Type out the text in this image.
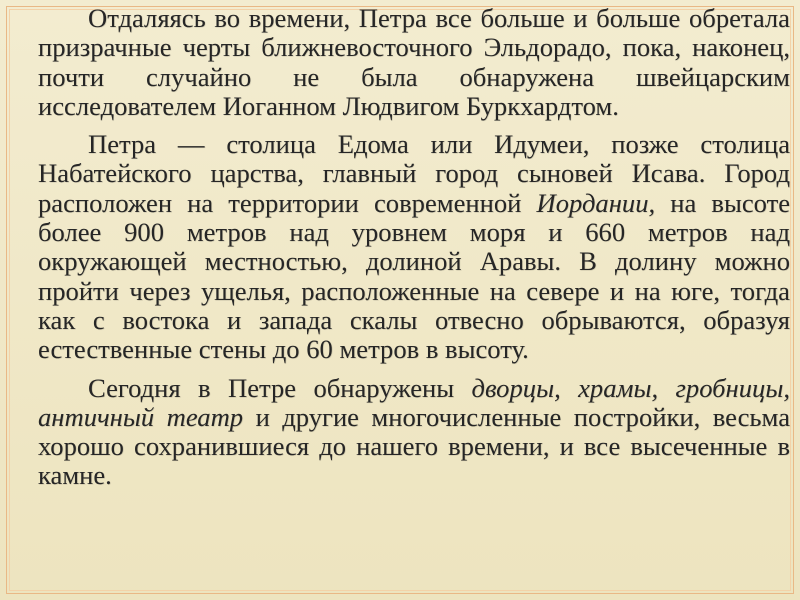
Отдаляясь во времени, Петра все больше и больше обретала призрачные черты ближневосточного Эльдорадо, пока, наконец, почти случайно не была обнаружена швейцарским исследователем Иоганном Людвигом Буркхардтом.

Петра — столица Едома или Идумеи, позже столица Набатейского царства, главный город сыновей Исава. Город расположен на территории современной Иордании, на высоте более 900 метров над уровнем моря и 660 метров над окружающей местностью, долиной Аравы. В долину можно пройти через ущелья, расположенные на севере и на юге, тогда как с востока и запада скалы отвесно обрываются, образуя естественные стены до 60 метров в высоту.

Сегодня в Петре обнаружены дворцы, храмы, гробницы, античный театр и другие многочисленные постройки, весьма хорошо сохранившиеся до нашего времени, и все высеченные в камне.
